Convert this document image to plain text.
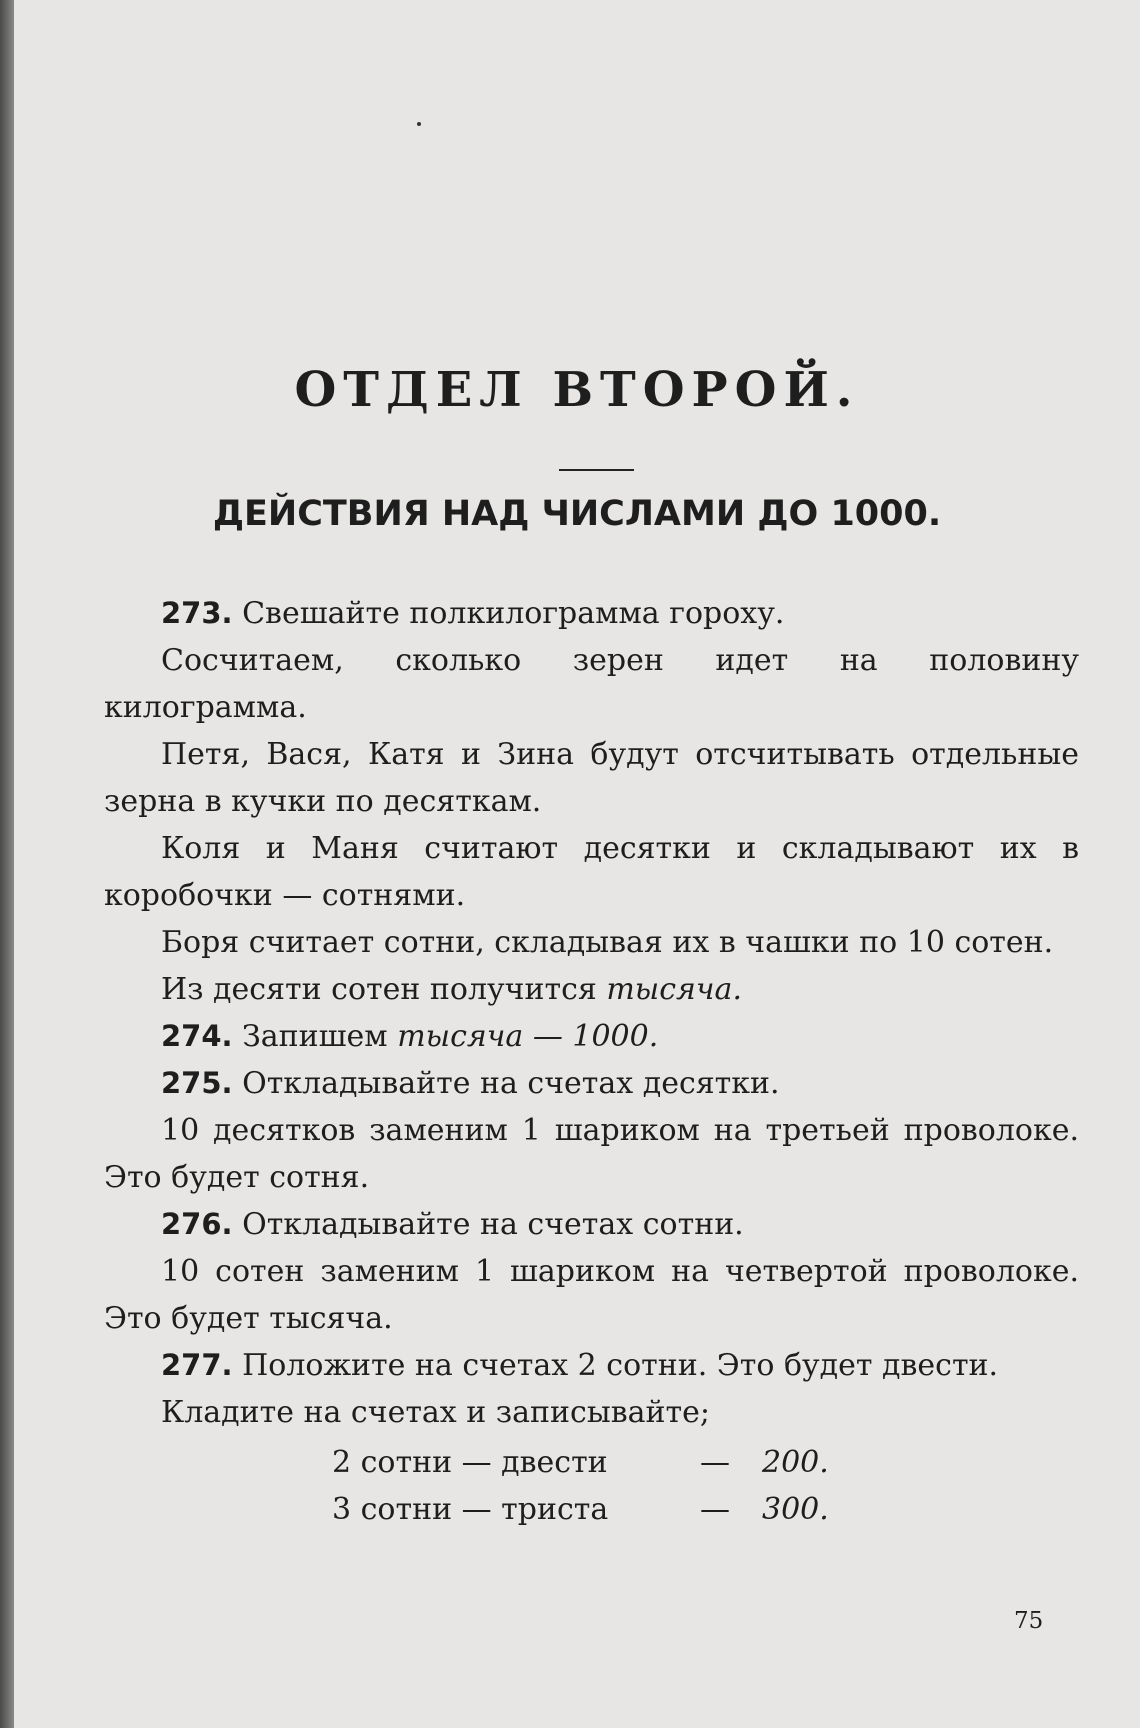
ОТДЕЛ ВТОРОЙ.
ДЕЙСТВИЯ НАД ЧИСЛАМИ ДО 1000.

273. Свешайте полкилограмма гороху.

Сосчитаем, сколько зерен идет на половину килограмма.

Петя, Вася, Катя и Зина будут отсчитывать отдельные зерна в кучки по десяткам.

Коля и Маня считают десятки и складывают их в коробочки — сотнями.

Боря считает сотни, складывая их в чашки по 10 сотен.

Из десяти сотен получится тысяча.

274. Запишем тысяча — 1000.

275. Откладывайте на счетах десятки.

10 десятков заменим 1 шариком на третьей проволоке. Это будет сотня.

276. Откладывайте на счетах сотни.

10 сотен заменим 1 шариком на четвертой проволоке. Это будет тысяча.

277. Положите на счетах 2 сотни. Это будет двести.

Кладите на счетах и записывайте;

2 сотни — двести	— 200.
3 сотни — триста	— 300.
75
